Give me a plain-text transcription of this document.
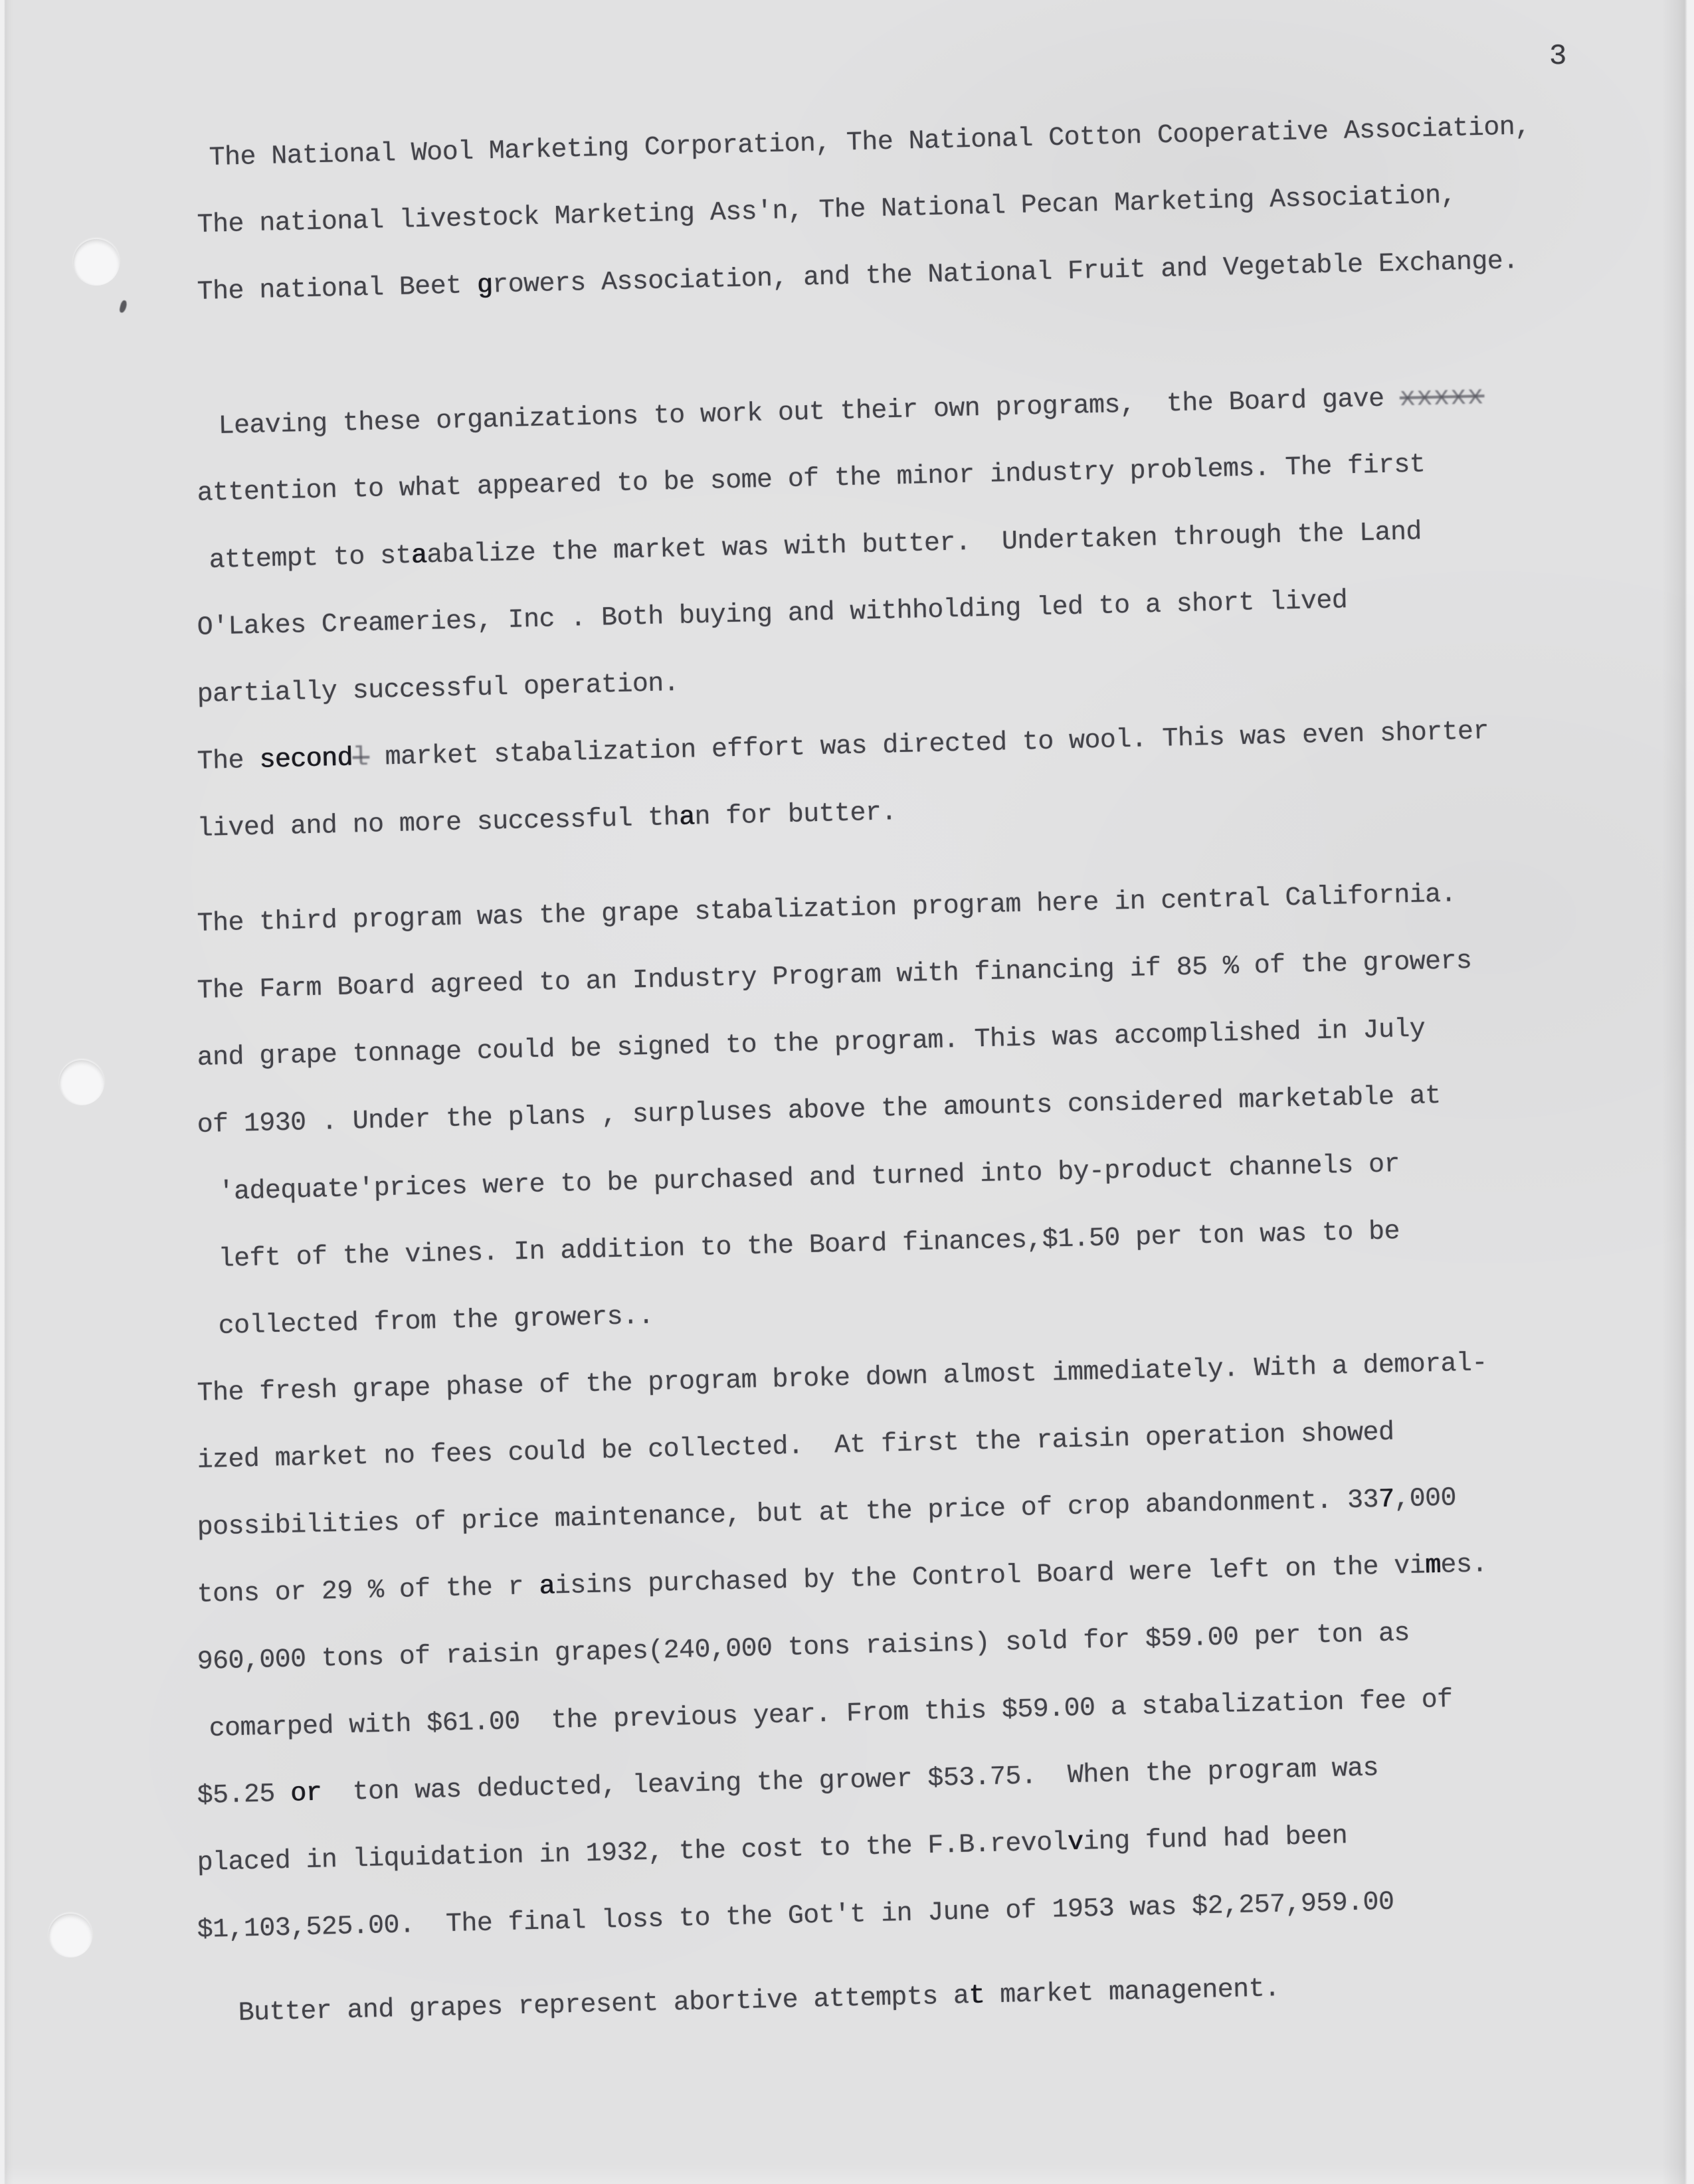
3
The National Wool Marketing Corporation, The National Cotton Cooperative Association,
The national livestock Marketing Ass'n, The National Pecan Marketing Association,
The national Beet growers Association, and the National Fruit and Vegetable Exchange.
Leaving these organizations to work out their own programs,  the Board gave xxxxx
attention to what appeared to be some of the minor industry problems. The first
attempt to staabalize the market was with butter.  Undertaken through the Land
O'Lakes Creameries, Inc . Both buying and withholding led to a short lived
partially successful operation.
The secondl market stabalization effort was directed to wool. This was even shorter
lived and no more successful than for butter.
The third program was the grape stabalization program here in central California.
The Farm Board agreed to an Industry Program with financing if 85 % of the growers
and grape tonnage could be signed to the program. This was accomplished in July
of 1930 . Under the plans , surpluses above the amounts considered marketable at
'adequate'prices were to be purchased and turned into by-product channels or
left of the vines. In addition to the Board finances,$1.50 per ton was to be
collected from the growers..
The fresh grape phase of the program broke down almost immediately. With a demoral-
ized market no fees could be collected.  At first the raisin operation showed
possibilities of price maintenance, but at the price of crop abandonment. 337,000
tons or 29 % of the r aisins purchased by the Control Board were left on the vimes.
960,000 tons of raisin grapes(240,000 tons raisins) sold for $59.00 per ton as
comarped with $61.00  the previous year. From this $59.00 a stabalization fee of
$5.25 or  ton was deducted, leaving the grower $53.75.  When the program was
placed in liquidation in 1932, the cost to the F.B.revolving fund had been
$1,103,525.00.  The final loss to the Got't in June of 1953 was $2,257,959.00
Butter and grapes represent abortive attempts at market managenent.
